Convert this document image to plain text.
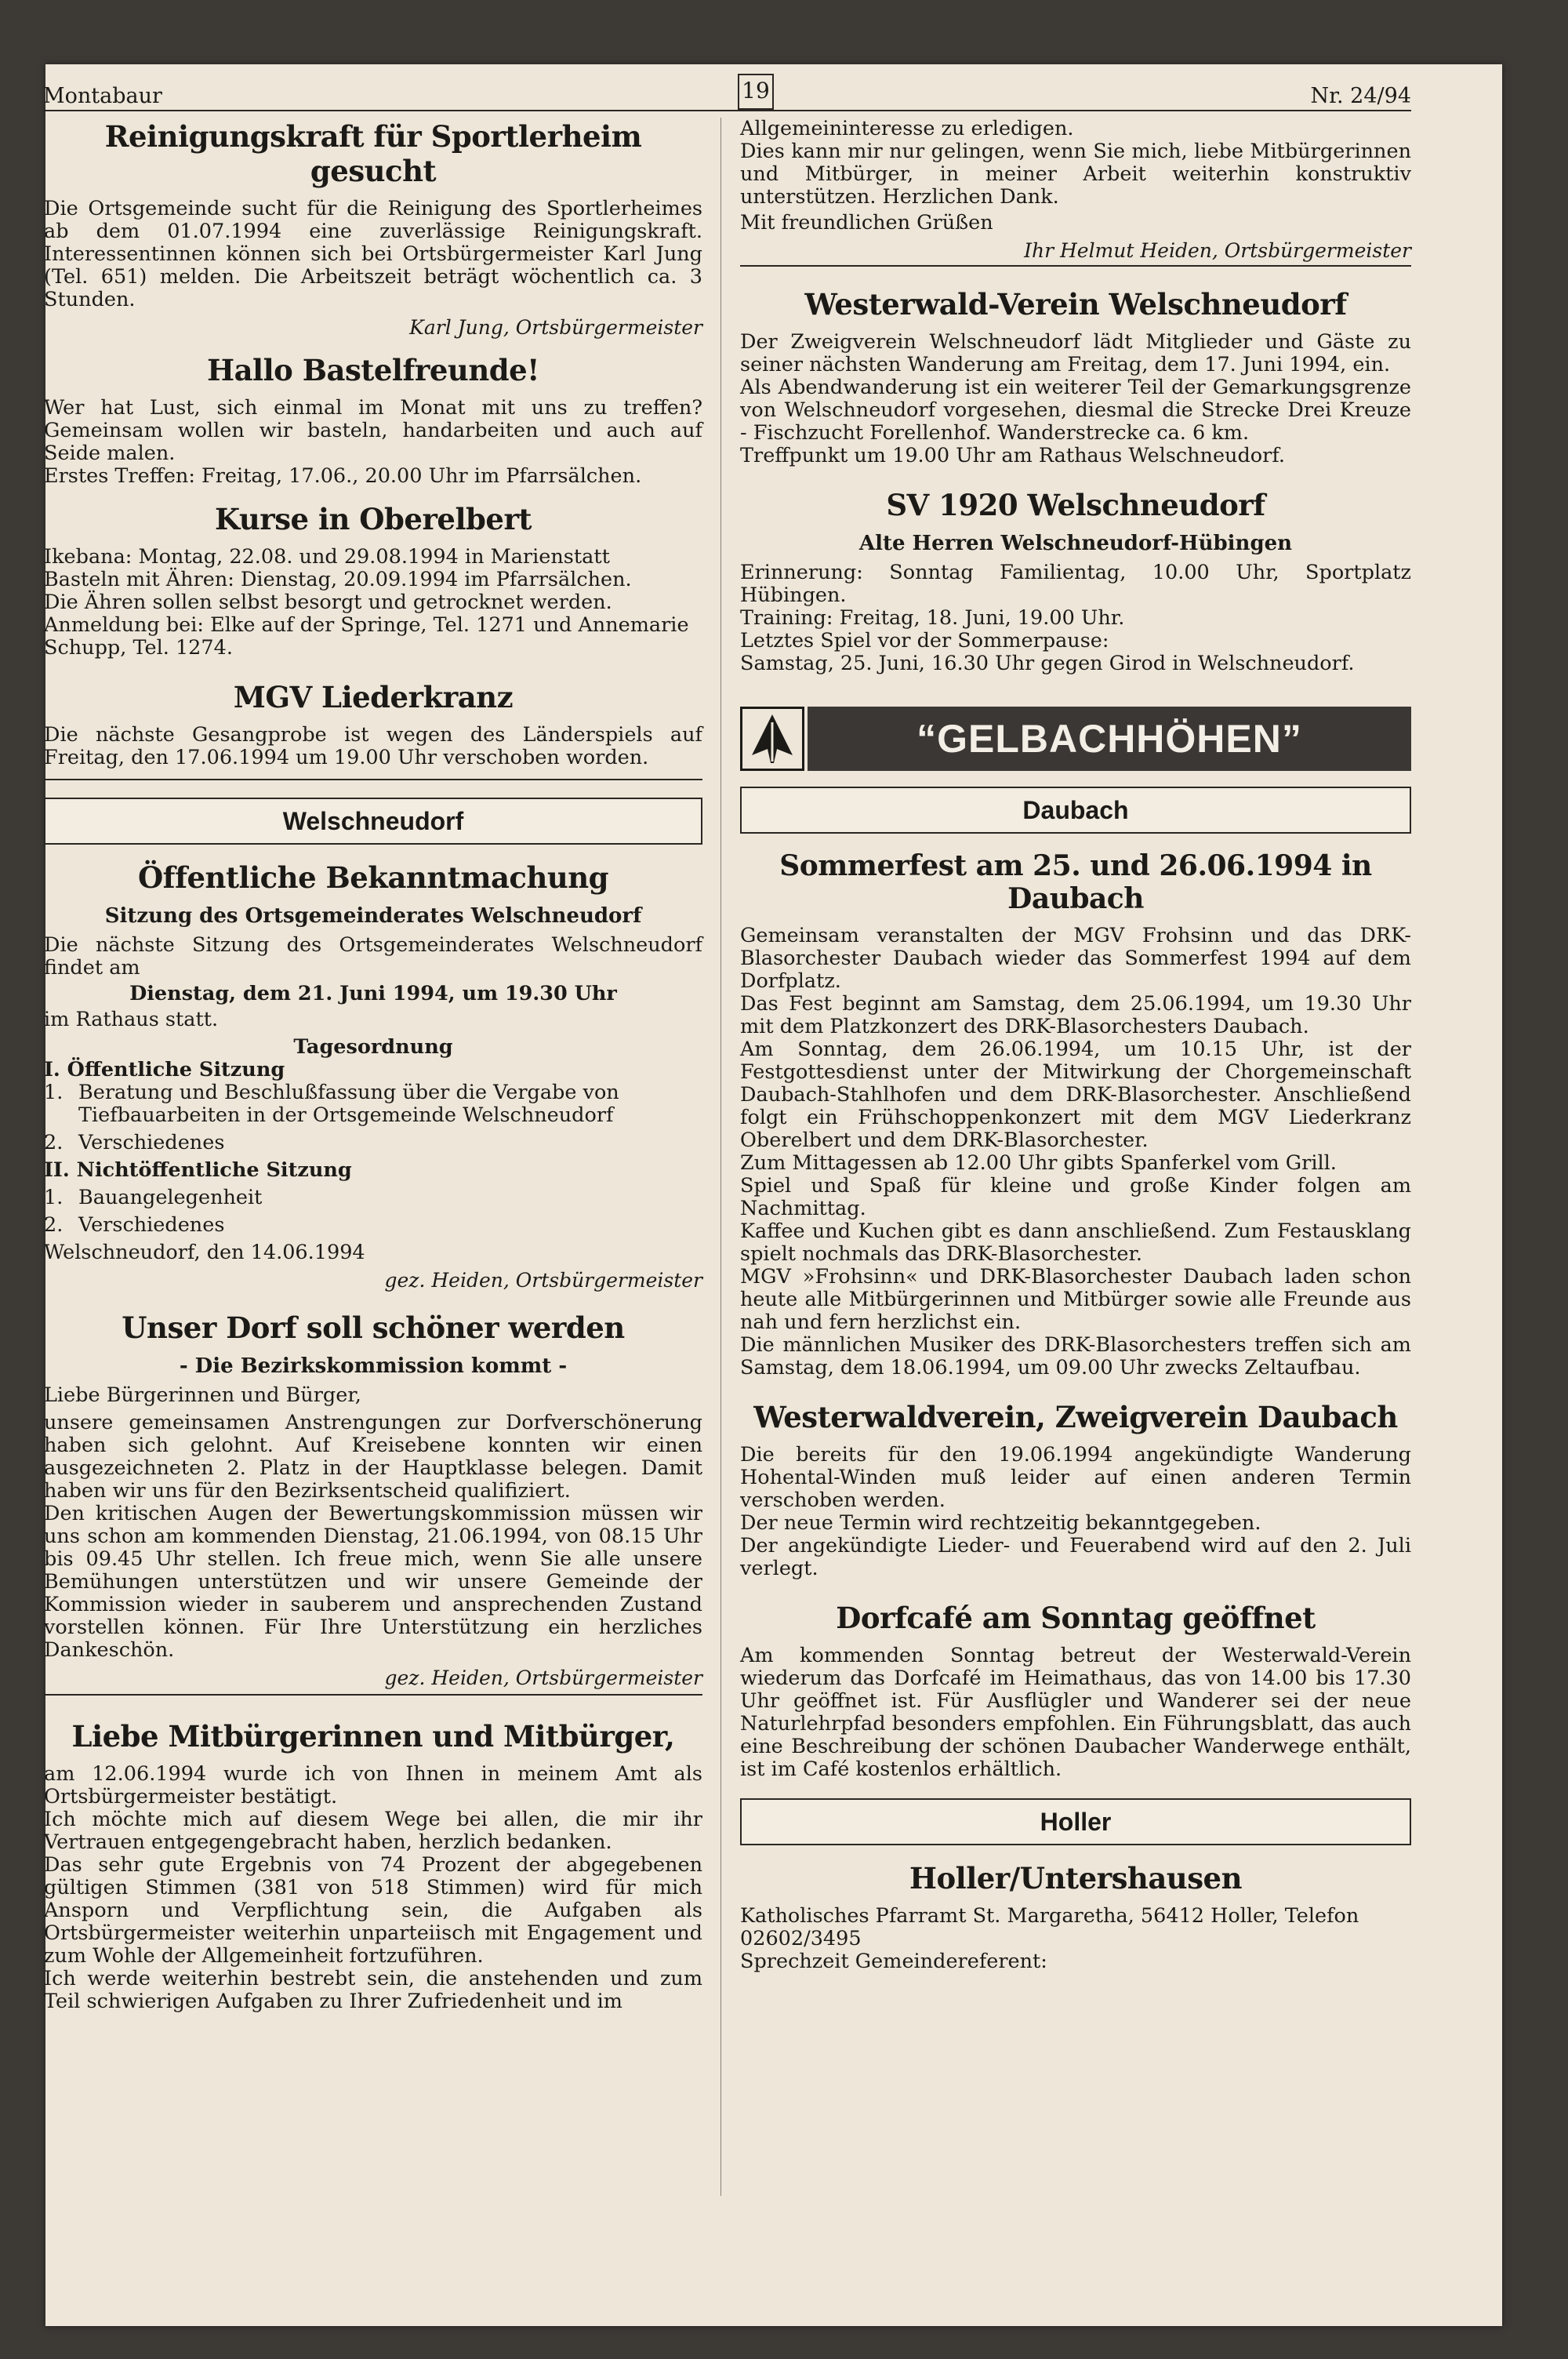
Montabaur	19	Nr. 24/94
Reinigungskraft für Sportlerheim gesucht

Die Ortsgemeinde sucht für die Reinigung des Sportlerheimes ab dem 01.07.1994 eine zuverlässige Reinigungskraft. Interessentinnen können sich bei Ortsbürgermeister Karl Jung (Tel. 651) melden. Die Arbeitszeit beträgt wöchentlich ca. 3 Stunden.

Karl Jung, Ortsbürgermeister
Hallo Bastelfreunde!

Wer hat Lust, sich einmal im Monat mit uns zu treffen? Gemeinsam wollen wir basteln, handarbeiten und auch auf Seide malen.

Erstes Treffen: Freitag, 17.06., 20.00 Uhr im Pfarrsälchen.

Kurse in Oberelbert

Ikebana: Montag, 22.08. und 29.08.1994 in Marienstatt

Basteln mit Ähren: Dienstag, 20.09.1994 im Pfarrsälchen.

Die Ähren sollen selbst besorgt und getrocknet werden.

Anmeldung bei: Elke auf der Springe, Tel. 1271 und Annemarie Schupp, Tel. 1274.

MGV Liederkranz

Die nächste Gesangprobe ist wegen des Länderspiels auf Freitag, den 17.06.1994 um 19.00 Uhr verschoben worden.

Welschneudorf
Öffentliche Bekanntmachung
Sitzung des Ortsgemeinderates Welschneudorf

Die nächste Sitzung des Ortsgemeinderates Welschneudorf findet am

Dienstag, dem 21. Juni 1994, um 19.30 Uhr

im Rathaus statt.

Tagesordnung

I. Öffentliche Sitzung

1. Beratung und Beschlußfassung über die Vergabe von Tiefbauarbeiten in der Ortsgemeinde Welschneudorf
2. Verschiedenes

II. Nichtöffentliche Sitzung

1. Bauangelegenheit
2. Verschiedenes

Welschneudorf, den 14.06.1994

gez. Heiden, Ortsbürgermeister
Unser Dorf soll schöner werden
- Die Bezirkskommission kommt -

Liebe Bürgerinnen und Bürger,

unsere gemeinsamen Anstrengungen zur Dorfverschönerung haben sich gelohnt. Auf Kreisebene konnten wir einen ausgezeichneten 2. Platz in der Hauptklasse belegen. Damit haben wir uns für den Bezirksentscheid qualifiziert.

Den kritischen Augen der Bewertungskommission müssen wir uns schon am kommenden Dienstag, 21.06.1994, von 08.15 Uhr bis 09.45 Uhr stellen. Ich freue mich, wenn Sie alle unsere Bemühungen unterstützen und wir unsere Gemeinde der Kommission wieder in sauberem und ansprechenden Zustand vorstellen können. Für Ihre Unterstützung ein herzliches Dankeschön.

gez. Heiden, Ortsbürgermeister
Liebe Mitbürgerinnen und Mitbürger,

am 12.06.1994 wurde ich von Ihnen in meinem Amt als Ortsbürgermeister bestätigt.

Ich möchte mich auf diesem Wege bei allen, die mir ihr Vertrauen entgegengebracht haben, herzlich bedanken.

Das sehr gute Ergebnis von 74 Prozent der abgegebenen gültigen Stimmen (381 von 518 Stimmen) wird für mich Ansporn und Verpflichtung sein, die Aufgaben als Ortsbürgermeister weiterhin unparteiisch mit Engagement und zum Wohle der Allgemeinheit fortzuführen.

Ich werde weiterhin bestrebt sein, die anstehenden und zum Teil schwierigen Aufgaben zu Ihrer Zufriedenheit und im

Allgemeininteresse zu erledigen.

Dies kann mir nur gelingen, wenn Sie mich, liebe Mitbürgerinnen und Mitbürger, in meiner Arbeit weiterhin konstruktiv unterstützen. Herzlichen Dank.

Mit freundlichen Grüßen

Ihr Helmut Heiden, Ortsbürgermeister
Westerwald-Verein Welschneudorf

Der Zweigverein Welschneudorf lädt Mitglieder und Gäste zu seiner nächsten Wanderung am Freitag, dem 17. Juni 1994, ein.

Als Abendwanderung ist ein weiterer Teil der Gemarkungsgrenze von Welschneudorf vorgesehen, diesmal die Strecke Drei Kreuze - Fischzucht Forellenhof. Wanderstrecke ca. 6 km.

Treffpunkt um 19.00 Uhr am Rathaus Welschneudorf.

SV 1920 Welschneudorf
Alte Herren Welschneudorf-Hübingen

Erinnerung: Sonntag Familientag, 10.00 Uhr, Sportplatz Hübingen.

Training: Freitag, 18. Juni, 19.00 Uhr.

Letztes Spiel vor der Sommerpause:

Samstag, 25. Juni, 16.30 Uhr gegen Girod in Welschneudorf.

“GELBACHHÖHEN”
Daubach
Sommerfest am 25. und 26.06.1994 in Daubach

Gemeinsam veranstalten der MGV Frohsinn und das DRK-Blasorchester Daubach wieder das Sommerfest 1994 auf dem Dorfplatz.

Das Fest beginnt am Samstag, dem 25.06.1994, um 19.30 Uhr mit dem Platzkonzert des DRK-Blasorchesters Daubach.

Am Sonntag, dem 26.06.1994, um 10.15 Uhr, ist der Festgottesdienst unter der Mitwirkung der Chorgemeinschaft Daubach-Stahlhofen und dem DRK-Blasorchester. Anschließend folgt ein Frühschoppenkonzert mit dem MGV Liederkranz Oberelbert und dem DRK-Blasorchester.

Zum Mittagessen ab 12.00 Uhr gibts Spanferkel vom Grill.

Spiel und Spaß für kleine und große Kinder folgen am Nachmittag.

Kaffee und Kuchen gibt es dann anschließend. Zum Festausklang spielt nochmals das DRK-Blasorchester.

MGV »Frohsinn« und DRK-Blasorchester Daubach laden schon heute alle Mitbürgerinnen und Mitbürger sowie alle Freunde aus nah und fern herzlichst ein.

Die männlichen Musiker des DRK-Blasorchesters treffen sich am Samstag, dem 18.06.1994, um 09.00 Uhr zwecks Zeltaufbau.

Westerwaldverein, Zweigverein Daubach

Die bereits für den 19.06.1994 angekündigte Wanderung Hohental-Winden muß leider auf einen anderen Termin verschoben werden.

Der neue Termin wird rechtzeitig bekanntgegeben.

Der angekündigte Lieder- und Feuerabend wird auf den 2. Juli verlegt.

Dorfcafé am Sonntag geöffnet

Am kommenden Sonntag betreut der Westerwald-Verein wiederum das Dorfcafé im Heimathaus, das von 14.00 bis 17.30 Uhr geöffnet ist. Für Ausflügler und Wanderer sei der neue Naturlehrpfad besonders empfohlen. Ein Führungsblatt, das auch eine Beschreibung der schönen Daubacher Wanderwege enthält, ist im Café kostenlos erhältlich.

Holler
Holler/Untershausen

Katholisches Pfarramt St. Margaretha, 56412 Holler, Telefon 02602/3495

Sprechzeit Gemeindereferent:
